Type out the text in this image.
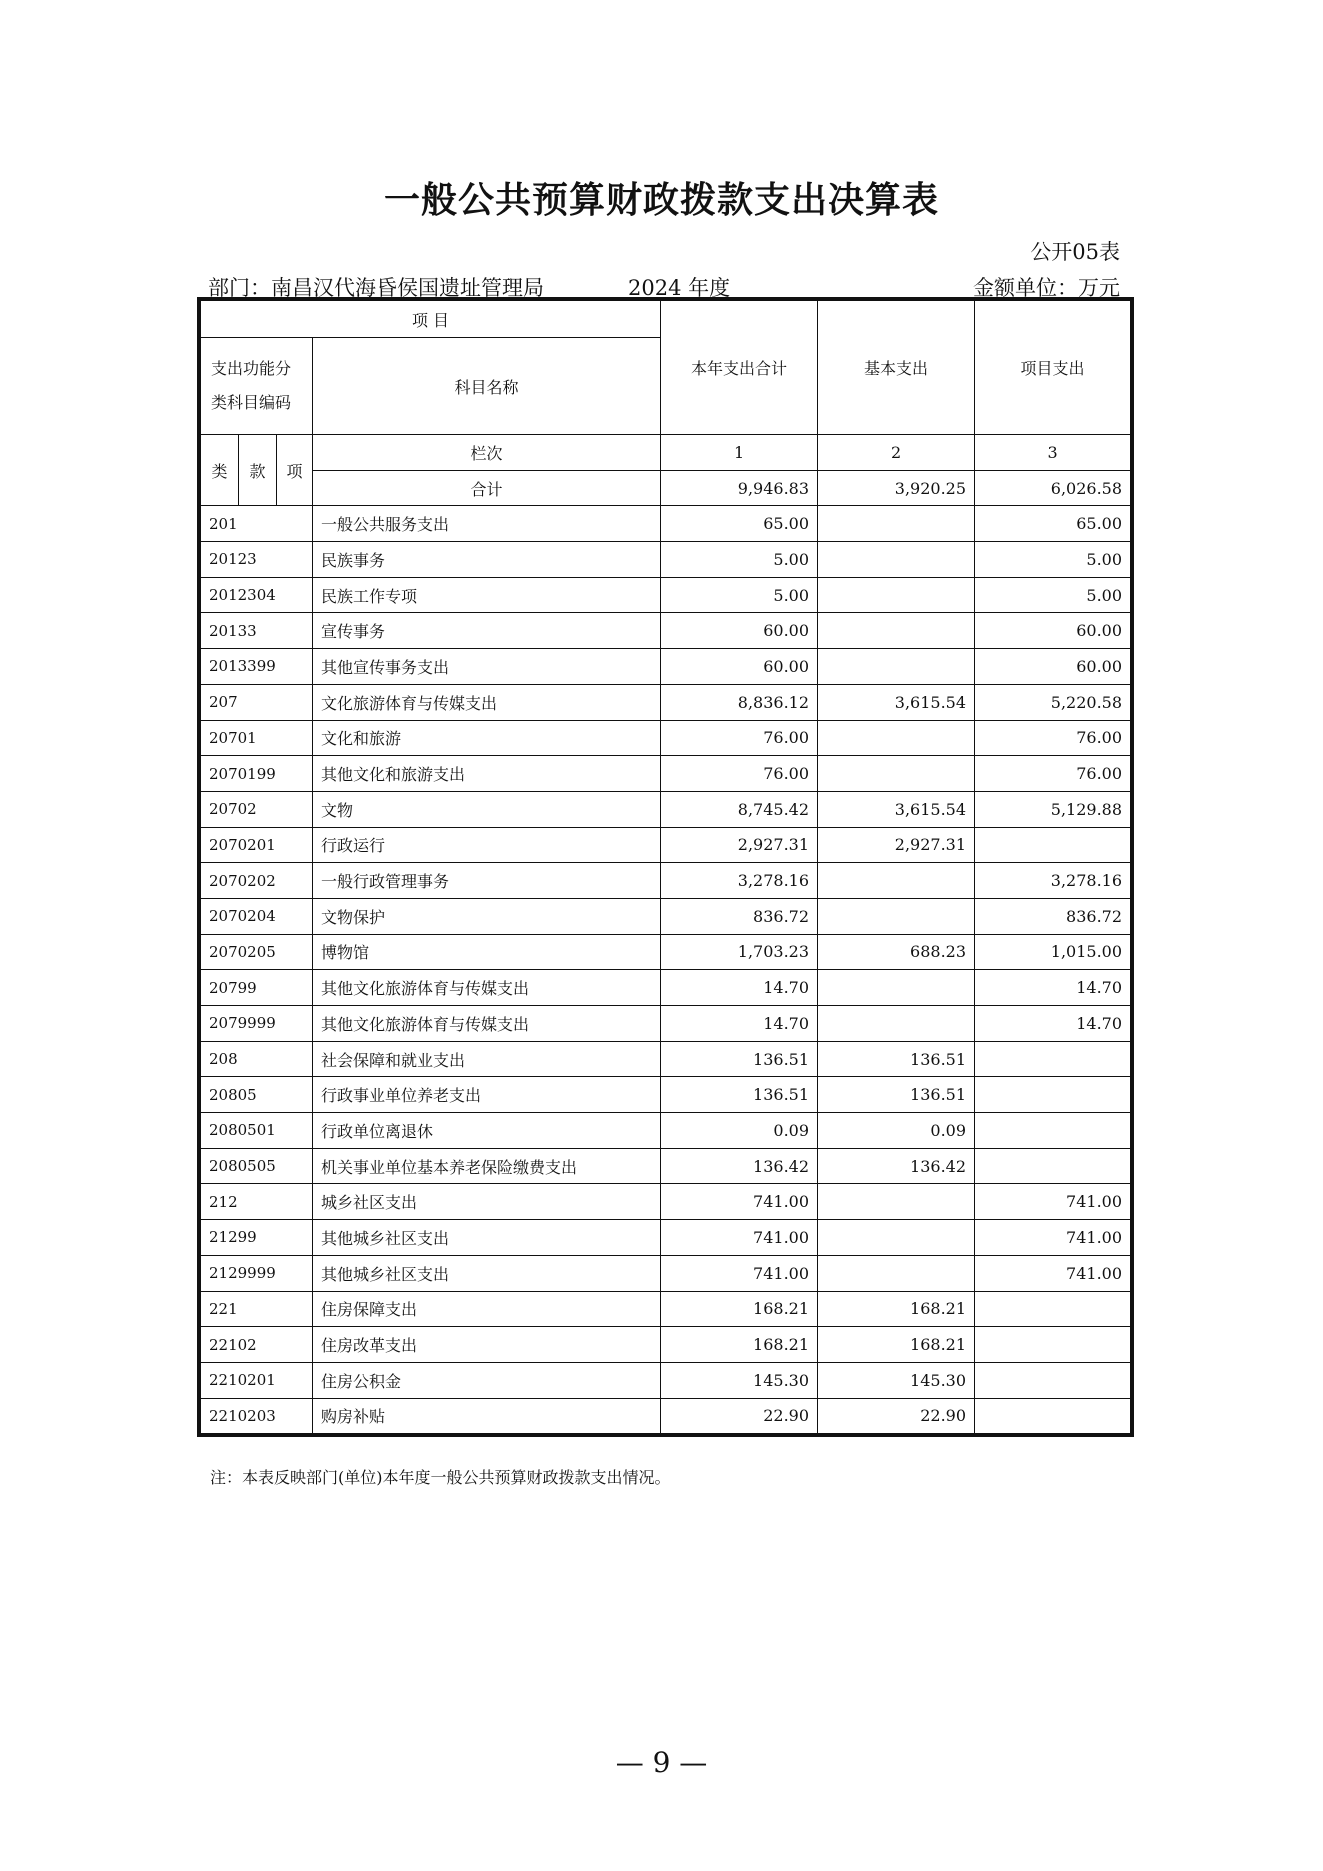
一般公共预算财政拨款支出决算表
公开05表
部门：南昌汉代海昏侯国遗址管理局	2024 年度	金额单位：万元
项 目				本年支出合计	基本支出	项目支出
支出功能分类科目编码			科目名称			
类	款	项	栏次	1	2	3
			合计	9,946.83	3,920.25	6,026.58
201			一般公共服务支出	65.00		65.00
20123			民族事务	5.00		5.00
2012304			民族工作专项	5.00		5.00
20133			宣传事务	60.00		60.00
2013399			其他宣传事务支出	60.00		60.00
207			文化旅游体育与传媒支出	8,836.12	3,615.54	5,220.58
20701			文化和旅游	76.00		76.00
2070199			其他文化和旅游支出	76.00		76.00
20702			文物	8,745.42	3,615.54	5,129.88
2070201			行政运行	2,927.31	2,927.31	
2070202			一般行政管理事务	3,278.16		3,278.16
2070204			文物保护	836.72		836.72
2070205			博物馆	1,703.23	688.23	1,015.00
20799			其他文化旅游体育与传媒支出	14.70		14.70
2079999			其他文化旅游体育与传媒支出	14.70		14.70
208			社会保障和就业支出	136.51	136.51	
20805			行政事业单位养老支出	136.51	136.51	
2080501			行政单位离退休	0.09	0.09	
2080505			机关事业单位基本养老保险缴费支出	136.42	136.42	
212			城乡社区支出	741.00		741.00
21299			其他城乡社区支出	741.00		741.00
2129999			其他城乡社区支出	741.00		741.00
221			住房保障支出	168.21	168.21	
22102			住房改革支出	168.21	168.21	
2210201			住房公积金	145.30	145.30	
2210203			购房补贴	22.90	22.90	
注：本表反映部门(单位)本年度一般公共预算财政拨款支出情况。
— 9 —
